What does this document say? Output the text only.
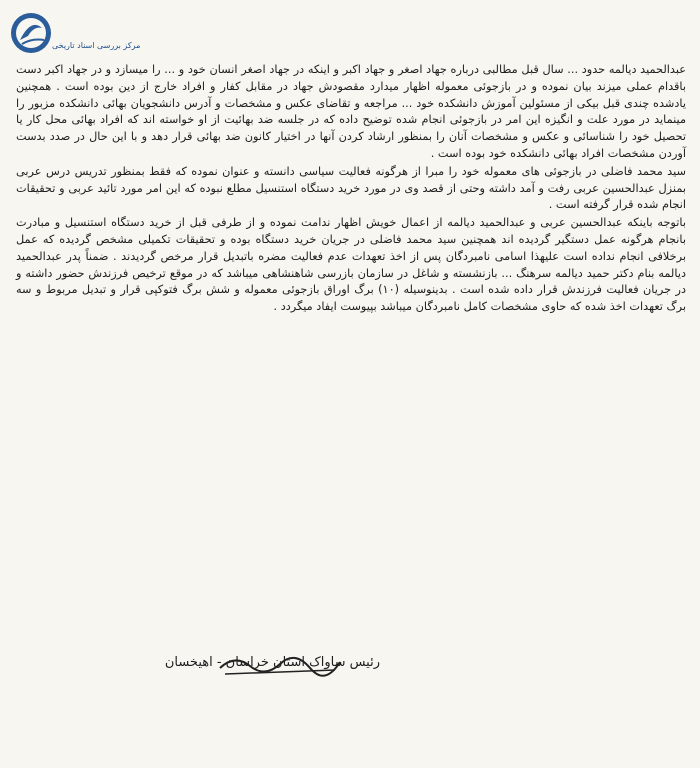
مرکز بررسی اسناد تاریخی

عبدالحمید دیالمه حدود ... سال قبل مطالبی درباره جهاد اصغر و جهاد اکبر و اینکه در جهاد اصغر انسان خود و ... را میسازد و در جهاد اکبر دست باقدام عملی میزند بیان نموده و در بازجوئی معموله اظهار میدارد مقصودش جهاد در مقابل کفار و افراد خارج از دین بوده است . همچنین یادشده چندی قبل بیکی از مسئولین آموزش دانشکده خود ... مراجعه و تقاضای عکس و مشخصات و آدرس دانشجویان بهائی دانشکده مزبور را مینماید در مورد علت و انگیزه این امر در بازجوئی انجام شده توضیح داده که در جلسه ضد بهائیت از او خواسته اند که افراد بهائی محل کار یا تحصیل خود را شناسائی و عکس و مشخصات آنان را بمنظور ارشاد کردن آنها در اختیار کانون ضد بهائی قرار دهد و با این حال در صدد بدست آوردن مشخصات افراد بهائی دانشکده خود بوده است .

سید محمد فاضلی در بازجوئی های معموله خود را مبرا از هرگونه فعالیت سیاسی دانسته و عنوان نموده که فقط بمنظور تدریس درس عربی بمنزل عبدالحسین عربی رفت و آمد داشته وحتی از قصد وی در مورد خرید دستگاه استنسیل مطلع نبوده که این امر مورد تائید عربی و تحقیقات انجام شده قرار گرفته است .

باتوجه باینکه عبدالحسین عربی و عبدالحمید دیالمه از اعمال خویش اظهار ندامت نموده و از طرفی قبل از خرید دستگاه استنسیل و مبادرت بانجام هرگونه عمل دستگیر گردیده اند همچنین سید محمد فاضلی در جریان خرید دستگاه بوده و تحقیقات تکمیلی مشخص گردیده که عمل برخلافی انجام نداده است علیهذا اسامی نامبردگان پس از اخذ تعهدات عدم فعالیت مضره باتبدیل قرار مرخص گردیدند . ضمناً پدر عبدالحمید دیالمه بنام دکتر حمید دیالمه سرهنگ ... بازنشسته و شاغل در سازمان بازرسی شاهنشاهی میباشد که در موقع ترخیص فرزندش حضور داشته و در جریان فعالیت فرزندش قرار داده شده است . بدینوسیله (۱۰) برگ اوراق بازجوئی معموله و شش برگ فتوکپی قرار و تبدیل مربوط و سه برگ تعهدات اخذ شده که حاوی مشخصات کامل نامبردگان میباشد بپیوست ایفاد میگردد .

رئیس ساواک استان خراسان - اهیخسان
